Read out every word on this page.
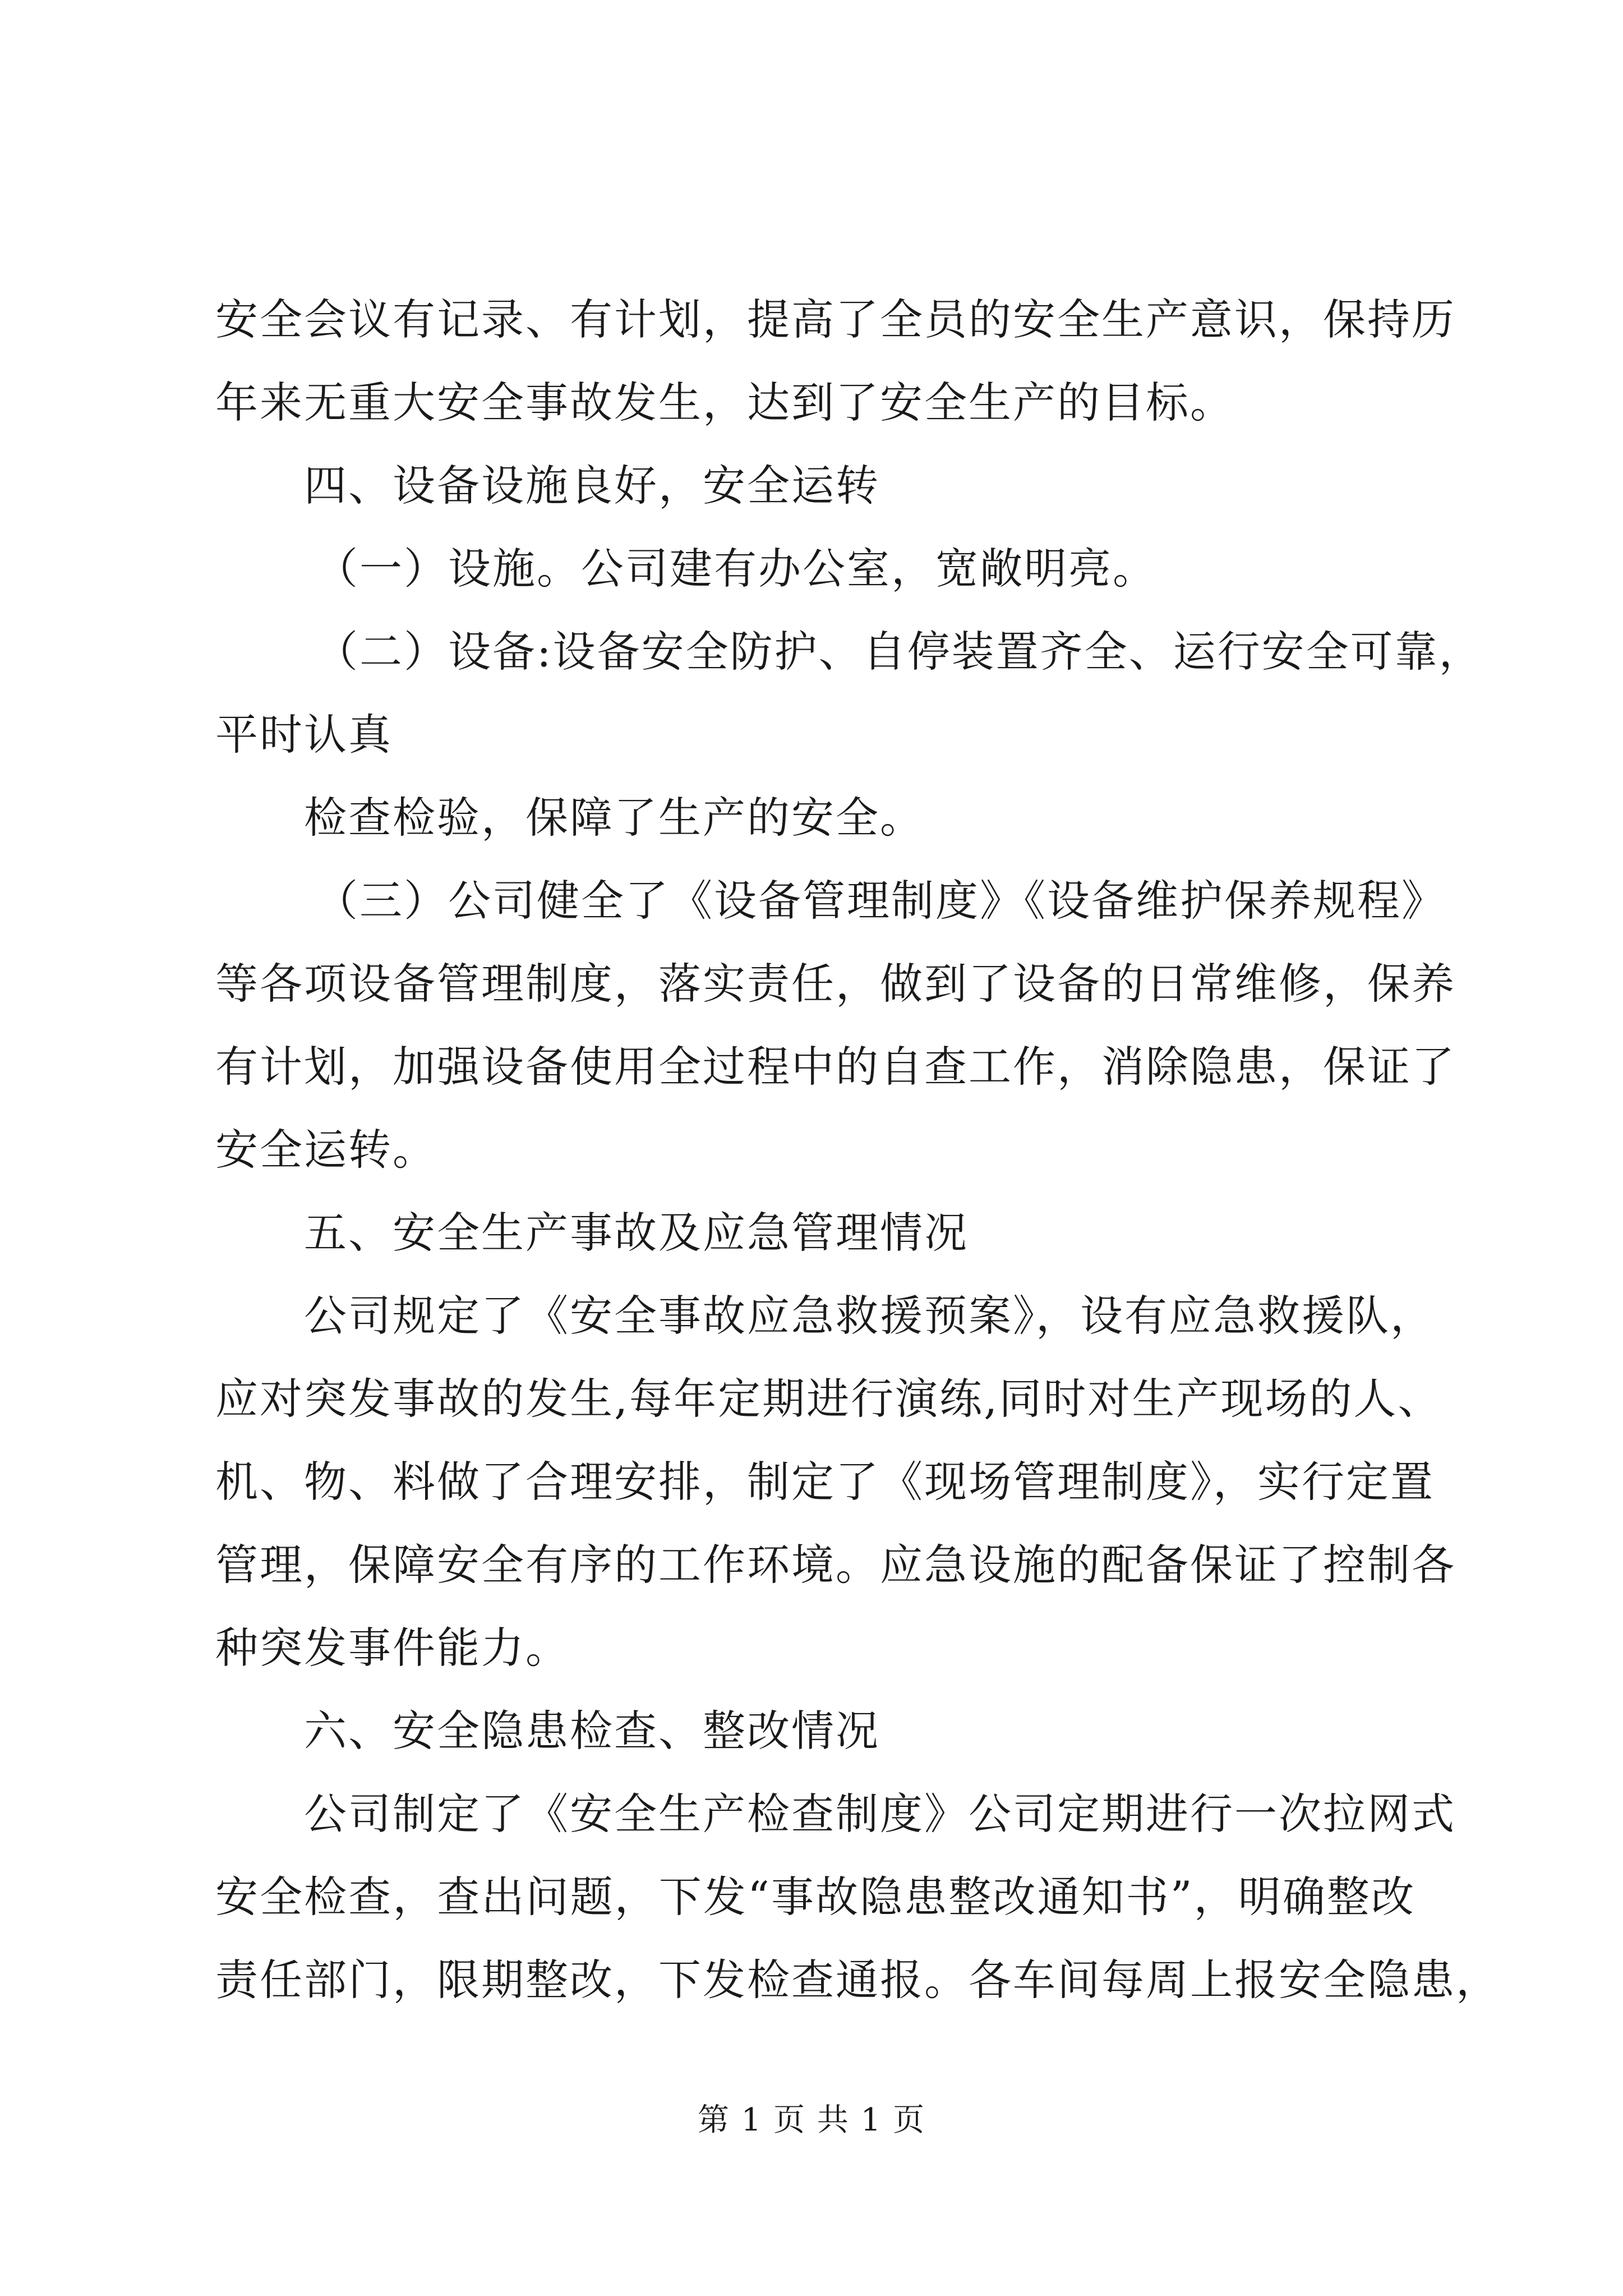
安全会议有记录、有计划，提高了全员的安全生产意识，保持历
年来无重大安全事故发生，达到了安全生产的目标。
四、设备设施良好，安全运转
（一）设施。公司建有办公室，宽敞明亮。
（二）设备:设备安全防护、自停装置齐全、运行安全可靠，
平时认真
检查检验，保障了生产的安全。
（三）公司健全了《设备管理制度》《设备维护保养规程》
等各项设备管理制度，落实责任，做到了设备的日常维修，保养
有计划，加强设备使用全过程中的自查工作，消除隐患，保证了
安全运转。
五、安全生产事故及应急管理情况
公司规定了《安全事故应急救援预案》，设有应急救援队，
应对突发事故的发生,每年定期进行演练,同时对生产现场的人、
机、物、料做了合理安排，制定了《现场管理制度》，实行定置
管理，保障安全有序的工作环境。应急设施的配备保证了控制各
种突发事件能力。
六、安全隐患检查、整改情况
公司制定了《安全生产检查制度》公司定期进行一次拉网式
安全检查，查出问题，下发“事故隐患整改通知书”，明确整改
责任部门，限期整改，下发检查通报。各车间每周上报安全隐患，
第 1 页 共 1 页
